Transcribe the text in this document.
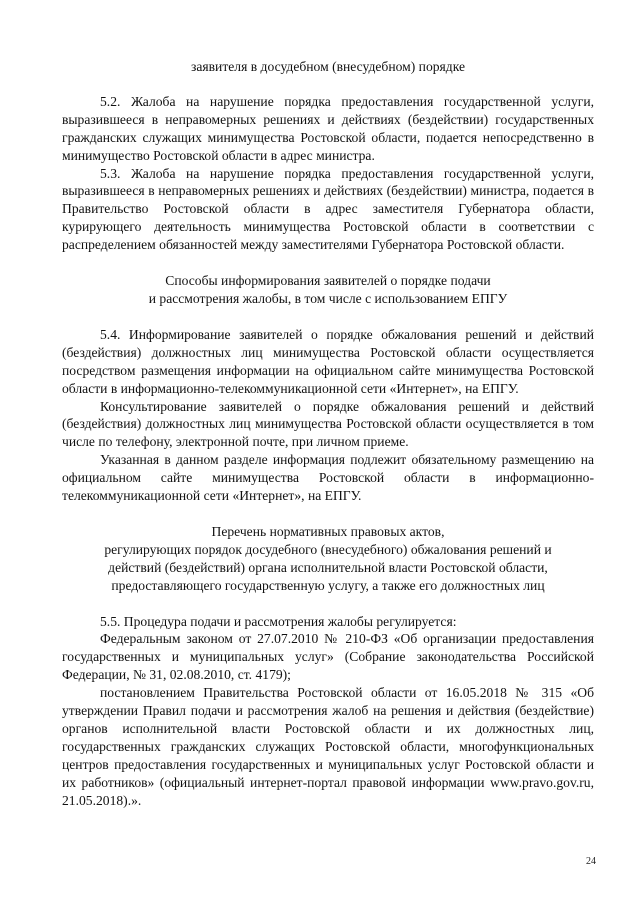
заявителя в досудебном (внесудебном) порядке

5.2. Жалоба на нарушение порядка предоставления государственной услуги, выразившееся в неправомерных решениях и действиях (бездействии) государственных гражданских служащих минимущества Ростовской области, подается непосредственно в минимущество Ростовской области в адрес министра.

5.3. Жалоба на нарушение порядка предоставления государственной услуги, выразившееся в неправомерных решениях и действиях (бездействии) министра, подается в Правительство Ростовской области в адрес заместителя Губернатора области, курирующего деятельность минимущества Ростовской области в соответствии с распределением обязанностей между заместителями Губернатора Ростовской области.

Способы информирования заявителей о порядке подачи

и рассмотрения жалобы, в том числе с использованием ЕПГУ

5.4. Информирование заявителей о порядке обжалования решений и действий (бездействия) должностных лиц минимущества Ростовской области осуществляется посредством размещения информации на официальном сайте минимущества Ростовской области в информационно-телекоммуникационной сети «Интернет», на ЕПГУ.

Консультирование заявителей о порядке обжалования решений и действий (бездействия) должностных лиц минимущества Ростовской области осуществляется в том числе по телефону, электронной почте, при личном приеме.

Указанная в данном разделе информация подлежит обязательному размещению на официальном сайте минимущества Ростовской области в информационно-телекоммуникационной сети «Интернет», на ЕПГУ.

Перечень нормативных правовых актов,

регулирующих порядок досудебного (внесудебного) обжалования решений и

действий (бездействий) органа исполнительной власти Ростовской области,

предоставляющего государственную услугу, а также его должностных лиц

5.5. Процедура подачи и рассмотрения жалобы регулируется:

Федеральным законом от 27.07.2010 № 210-ФЗ «Об организации предоставления государственных и муниципальных услуг» (Собрание законодательства Российской Федерации, № 31, 02.08.2010, ст. 4179);

постановлением Правительства Ростовской области от 16.05.2018 № 315 «Об утверждении Правил подачи и рассмотрения жалоб на решения и действия (бездействие) органов исполнительной власти Ростовской области и их должностных лиц, государственных гражданских служащих Ростовской области, многофункциональных центров предоставления государственных и муниципальных услуг Ростовской области и их работников» (официальный интернет-портал правовой информации www.pravo.gov.ru, 21.05.2018).».

24
